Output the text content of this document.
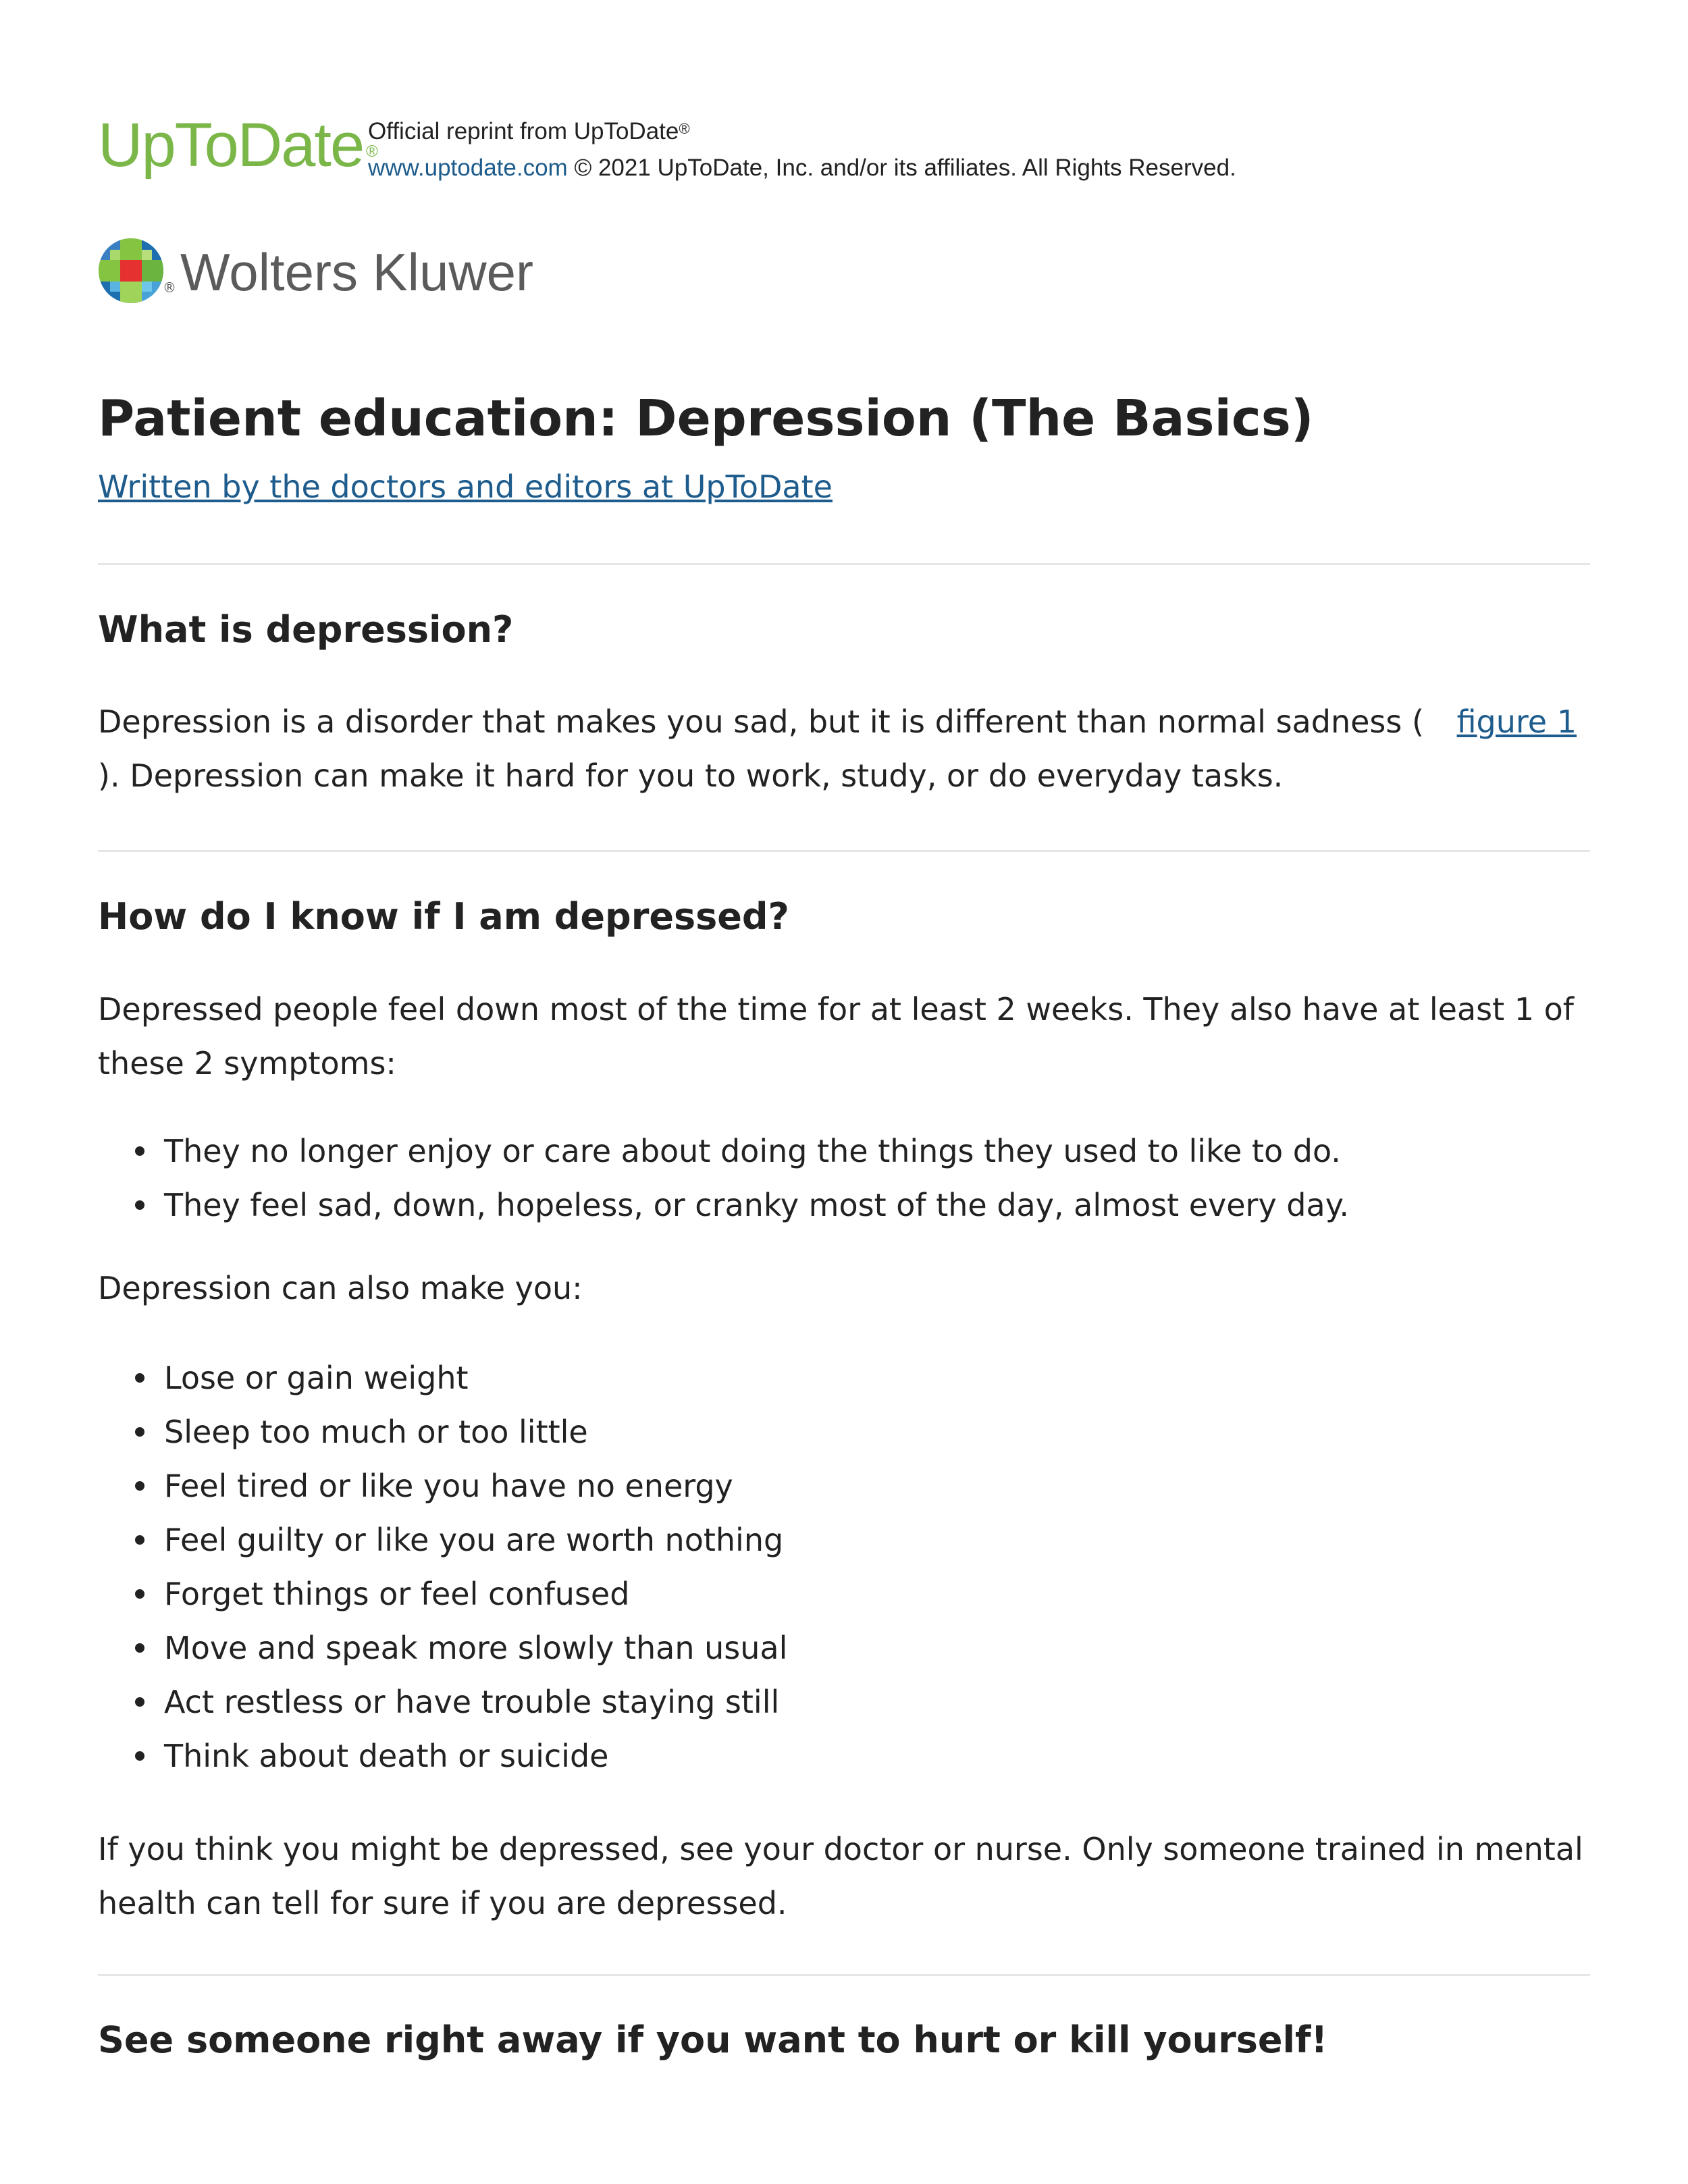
UpToDate ®
Official reprint from UpToDate®
www.uptodate.com © 2021 UpToDate, Inc. and/or its affiliates. All Rights Reserved.
® Wolters Kluwer
Patient education: Depression (The Basics)
Written by the doctors and editors at UpToDate
What is depression?
Depression is a disorder that makes you sad, but it is different than normal sadness ( figure 1
). Depression can make it hard for you to work, study, or do everyday tasks.
How do I know if I am depressed?

Depressed people feel down most of the time for at least 2 weeks. They also have at least 1 of these 2 symptoms:

They no longer enjoy or care about doing the things they used to like to do.
They feel sad, down, hopeless, or cranky most of the day, almost every day.

Depression can also make you:

Lose or gain weight
Sleep too much or too little
Feel tired or like you have no energy
Feel guilty or like you are worth nothing
Forget things or feel confused
Move and speak more slowly than usual
Act restless or have trouble staying still
Think about death or suicide

If you think you might be depressed, see your doctor or nurse. Only someone trained in mental health can tell for sure if you are depressed.

See someone right away if you want to hurt or kill yourself!
